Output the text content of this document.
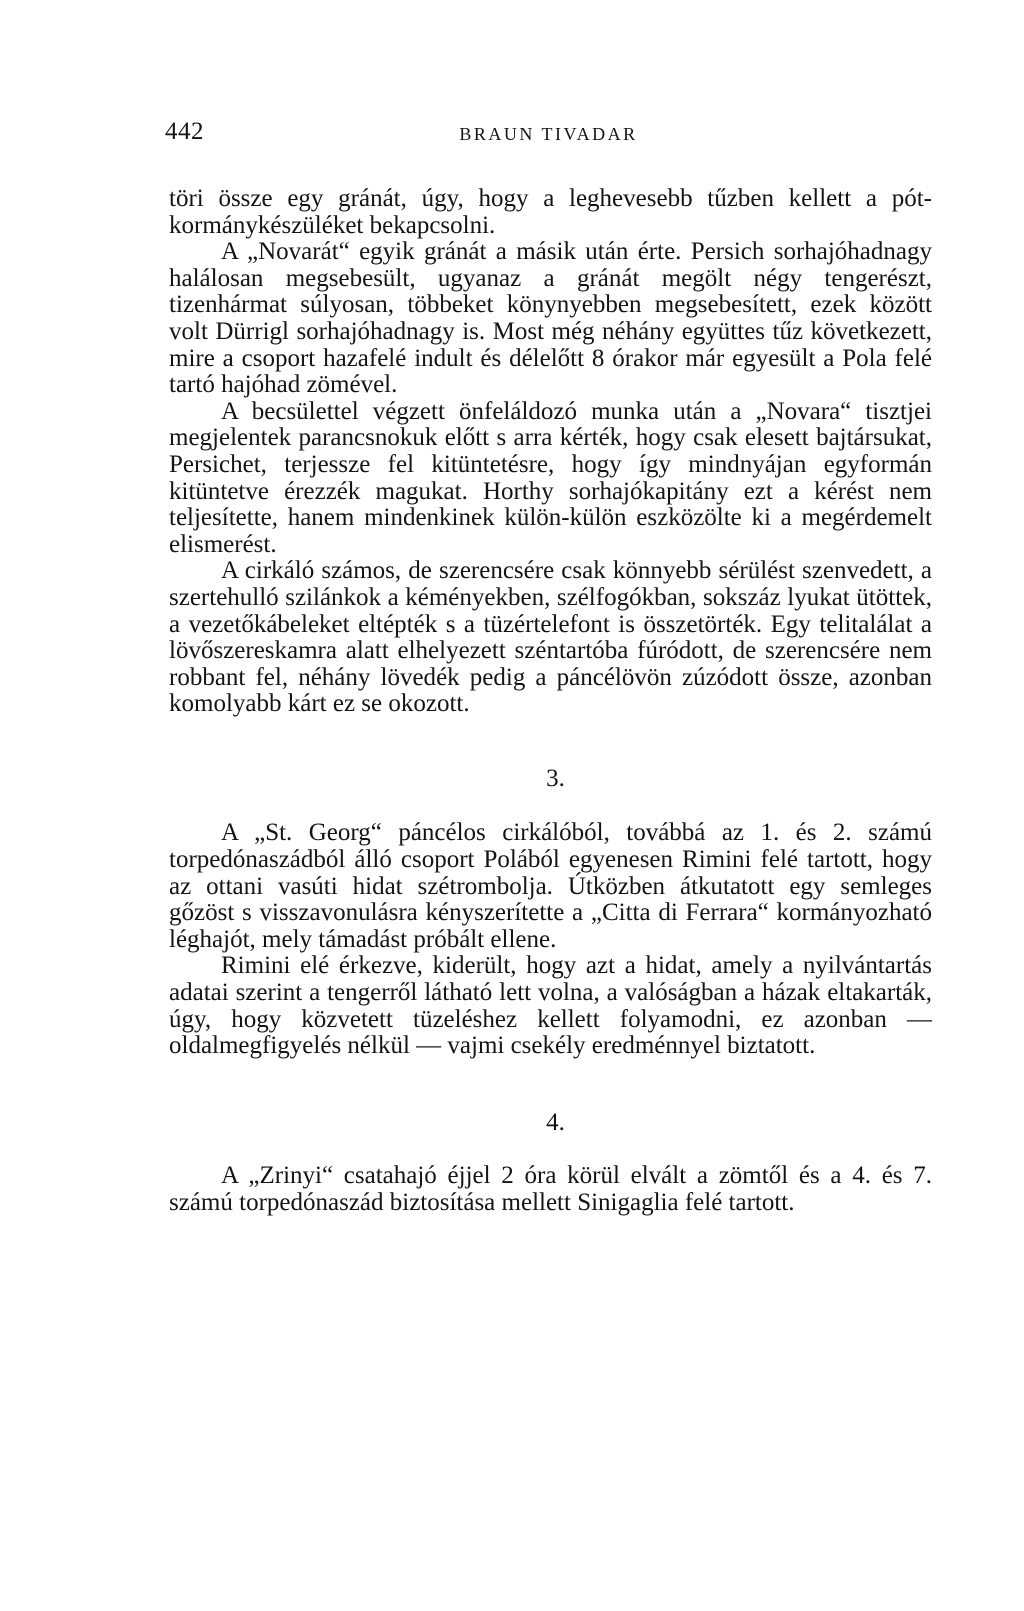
442	BRAUN TIVADAR

töri össze egy gránát, úgy, hogy a leghevesebb tűzben kellett a pót-kormánykészüléket bekapcsolni.

A „Novarát“ egyik gránát a másik után érte. Persich sorhajóhadnagy halálosan megsebesült, ugyanaz a gránát megölt négy tengerészt, tizenhármat súlyosan, többeket könynyebben megsebesített, ezek között volt Dürrigl sorhajóhadnagy is. Most még néhány együttes tűz következett, mire a csoport hazafelé indult és délelőtt 8 órakor már egyesült a Pola felé tartó hajóhad zömével.

A becsülettel végzett önfeláldozó munka után a „Novara“ tisztjei megjelentek parancsnokuk előtt s arra kérték, hogy csak elesett bajtársukat, Persichet, terjessze fel kitüntetésre, hogy így mindnyájan egyformán kitüntetve érezzék magukat. Horthy sorhajókapitány ezt a kérést nem teljesítette, hanem mindenkinek külön-külön eszközölte ki a megérdemelt elismerést.

A cirkáló számos, de szerencsére csak könnyebb sérülést szenvedett, a szertehulló szilánkok a kéményekben, szélfogókban, sokszáz lyukat ütöttek, a vezetőkábeleket eltépték s a tüzértelefont is összetörték. Egy telitalálat a lövőszereskamra alatt elhelyezett széntartóba fúródott, de szerencsére nem robbant fel, néhány lövedék pedig a páncélövön zúzódott össze, azonban komolyabb kárt ez se okozott.

3.

A „St. Georg“ páncélos cirkálóból, továbbá az 1. és 2. számú torpedónaszádból álló csoport Polából egyenesen Rimini felé tartott, hogy az ottani vasúti hidat szétrombolja. Útközben átkutatott egy semleges gőzöst s visszavonulásra kényszerítette a „Citta di Ferrara“ kormányozható léghajót, mely támadást próbált ellene.

Rimini elé érkezve, kiderült, hogy azt a hidat, amely a nyilvántartás adatai szerint a tengerről látható lett volna, a valóságban a házak eltakarták, úgy, hogy közvetett tüzeléshez kellett folyamodni, ez azonban — oldalmegfigyelés nélkül — vajmi csekély eredménnyel biztatott.

4.

A „Zrinyi“ csatahajó éjjel 2 óra körül elvált a zömtől és a 4. és 7. számú torpedónaszád biztosítása mellett Sinigaglia felé tartott.
